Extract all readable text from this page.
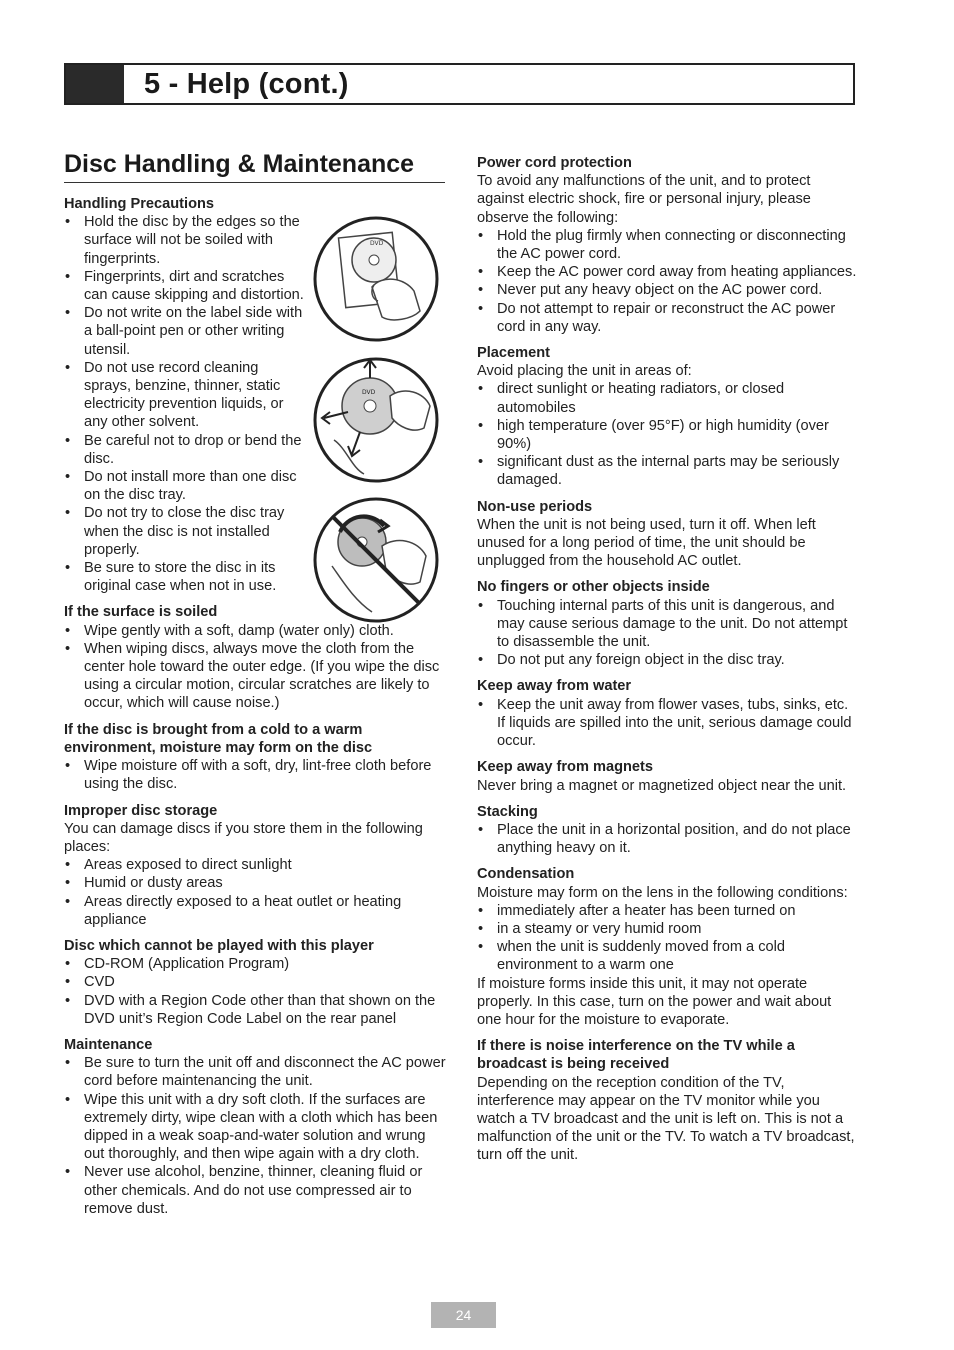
5 - Help (cont.)
Disc Handling & Maintenance
DVD
DVD

Handling Precautions

• Hold the disc by the edges so the surface will not be soiled with fingerprints.
• Fingerprints, dirt and scratches can cause skipping and distortion.
• Do not write on the label side with a ball-point pen or other writing utensil.
• Do not use record cleaning sprays, benzine, thinner, static electricity prevention liquids, or any other solvent.
• Be careful not to drop or bend the disc.
• Do not install more than one disc on the disc tray.
• Do not try to close the disc tray when the disc is not installed properly.
• Be sure to store the disc in its original case when not in use.

If the surface is soiled

• Wipe gently with a soft, damp (water only) cloth.
• When wiping discs, always move the cloth from the center hole toward the outer edge. (If you wipe the disc using a circular motion, circular scratches are likely to occur, which will cause noise.)

If the disc is brought from a cold to a warm environment, moisture may form on the disc

• Wipe moisture off with a soft, dry, lint-free cloth before using the disc.

Improper disc storage

You can damage discs if you store them in the following places:

• Areas exposed to direct sunlight
• Humid or dusty areas
• Areas directly exposed to a heat outlet or heating appliance

Disc which cannot be played with this player

• CD-ROM (Application Program)
• CVD
• DVD with a Region Code other than that shown on the DVD unit’s Region Code Label on the rear panel

Maintenance

• Be sure to turn the unit off and disconnect the AC power cord before maintenancing the unit.
• Wipe this unit with a dry soft cloth. If the surfaces are extremely dirty, wipe clean with a cloth which has been dipped in a weak soap-and-water solution and wrung out thoroughly, and then wipe again with a dry cloth.
• Never use alcohol, benzine, thinner, cleaning fluid or other chemicals. And do not use compressed air to remove dust.

Power cord protection

To avoid any malfunctions of the unit, and to protect against electric shock, fire or personal injury, please observe the following:

• Hold the plug firmly when connecting or disconnecting the AC power cord.
• Keep the AC power cord away from heating appliances.
• Never put any heavy object on the AC power cord.
• Do not attempt to repair or reconstruct the AC power cord in any way.

Placement

Avoid placing the unit in areas of:

• direct sunlight or heating radiators, or closed automobiles
• high temperature (over 95°F) or high humidity (over 90%)
• significant dust as the internal parts may be seriously damaged.

Non-use periods

When the unit is not being used, turn it off. When left unused for a long period of time, the unit should be unplugged from the household AC outlet.

No fingers or other objects inside

• Touching internal parts of this unit is dangerous, and may cause serious damage to the unit. Do not attempt to disassemble the unit.
• Do not put any foreign object in the disc tray.

Keep away from water

• Keep the unit away from flower vases, tubs, sinks, etc. If liquids are spilled into the unit, serious damage could occur.

Keep away from magnets

Never bring a magnet or magnetized object near the unit.

Stacking

• Place the unit in a horizontal position, and do not place anything heavy on it.

Condensation

Moisture may form on the lens in the following conditions:

• immediately after a heater has been turned on
• in a steamy or very humid room
• when the unit is suddenly moved from a cold environment to a warm one

If moisture forms inside this unit, it may not operate properly. In this case, turn on the power and wait about one hour for the moisture to evaporate.

If there is noise interference on the TV while a broadcast is being received

Depending on the reception condition of the TV, interference may appear on the TV monitor while you watch a TV broadcast and the unit is left on. This is not a malfunction of the unit or the TV. To watch a TV broadcast, turn off the unit.

24
